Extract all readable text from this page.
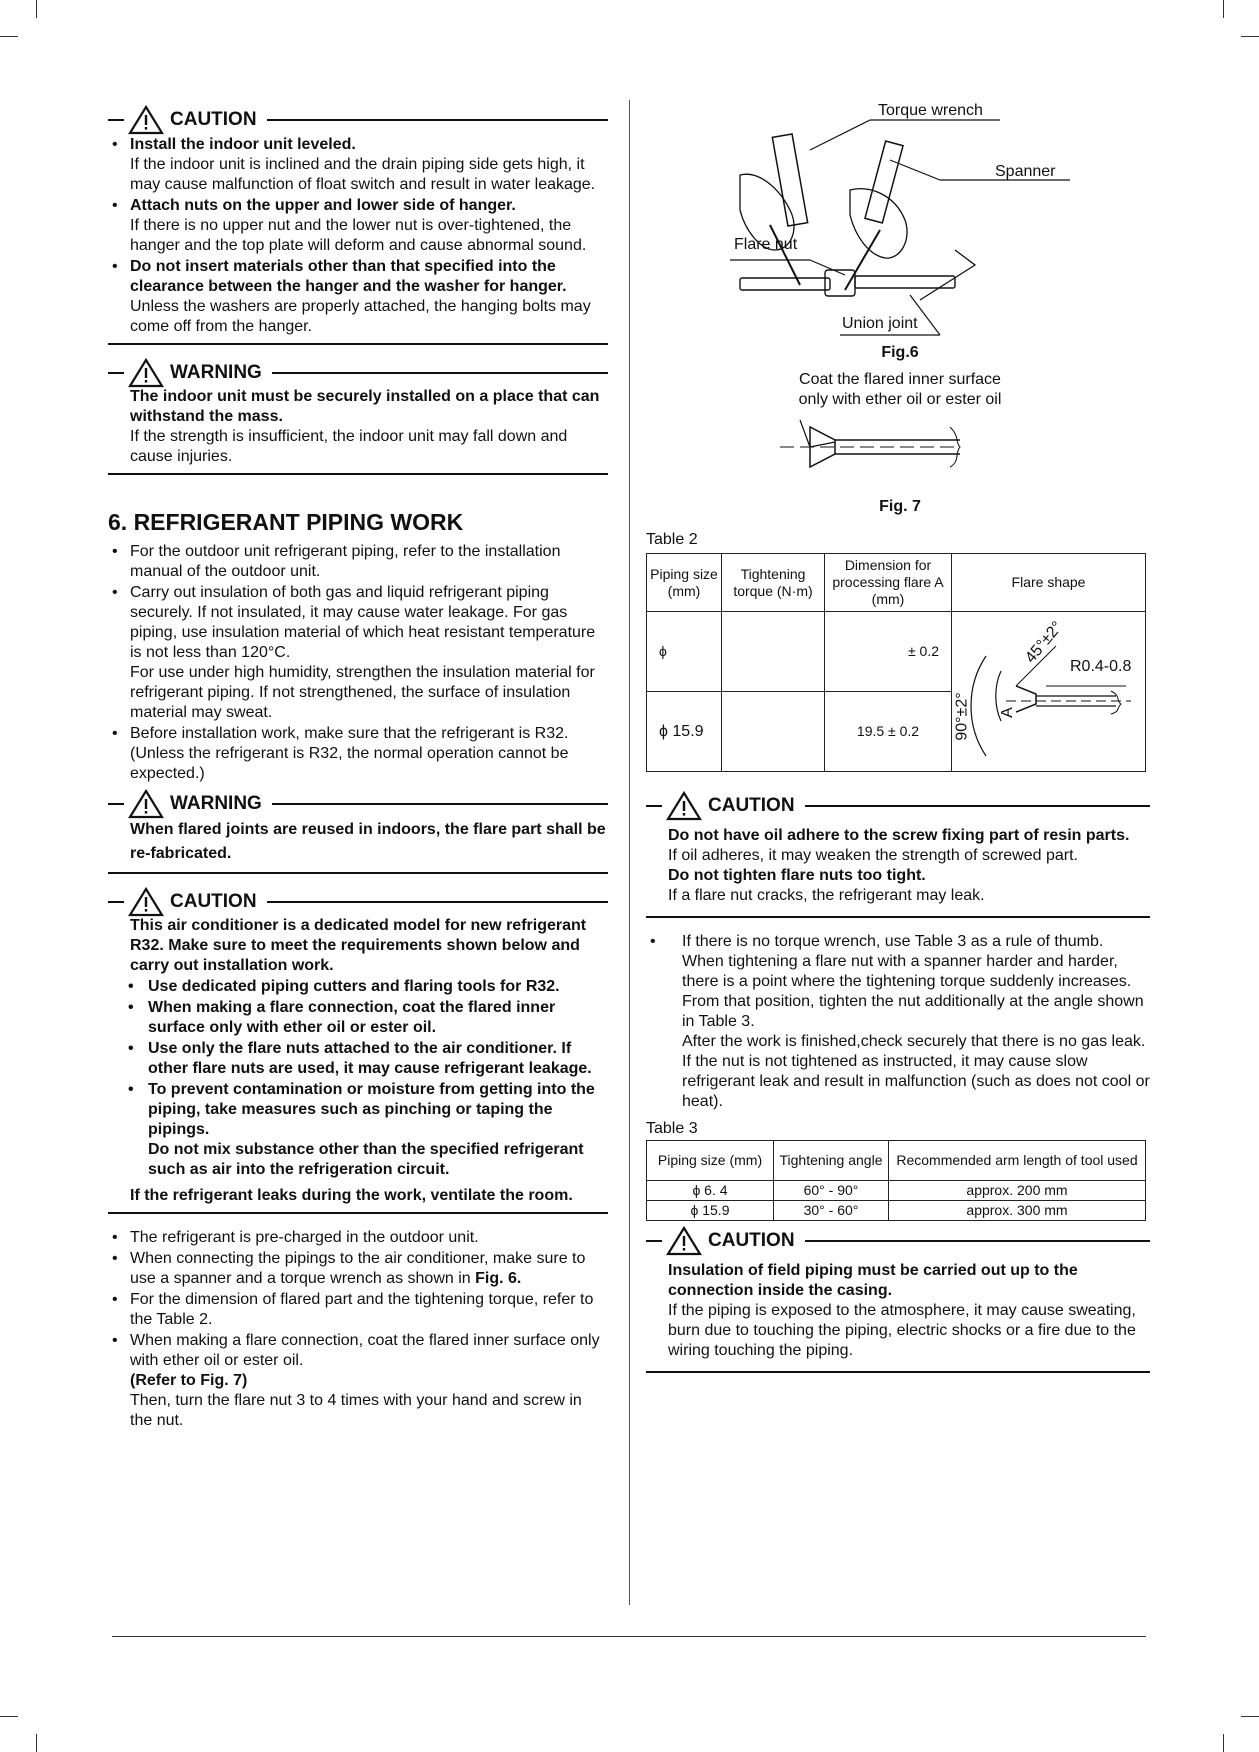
CAUTION
• Install the indoor unit leveled.
If the indoor unit is inclined and the drain piping side gets high, it may cause malfunction of float switch and result in water leakage.
• Attach nuts on the upper and lower side of hanger.
If there is no upper nut and the lower nut is over-tightened, the hanger and the top plate will deform and cause abnormal sound.
• Do not insert materials other than that specified into the clearance between the hanger and the washer for hanger.
Unless the washers are properly attached, the hanging bolts may come off from the hanger.
WARNING

The indoor unit must be securely installed on a place that can withstand the mass.

If the strength is insufficient, the indoor unit may fall down and cause injuries.

6. REFRIGERANT PIPING WORK
• For the outdoor unit refrigerant piping, refer to the installation manual of the outdoor unit.
• Carry out insulation of both gas and liquid refrigerant piping securely. If not insulated, it may cause water leakage. For gas piping, use insulation material of which heat resistant temperature is not less than 120°C.
For use under high humidity, strengthen the insulation material for refrigerant piping. If not strengthened, the surface of insulation material may sweat.
• Before installation work, make sure that the refrigerant is R32. (Unless the refrigerant is R32, the normal operation cannot be expected.)
WARNING

When flared joints are reused in indoors, the flare part shall be re-fabricated.

CAUTION

This air conditioner is a dedicated model for new refrigerant R32. Make sure to meet the requirements shown below and carry out installation work.

• Use dedicated piping cutters and flaring tools for R32.
• When making a flare connection, coat the flared inner surface only with ether oil or ester oil.
• Use only the flare nuts attached to the air conditioner. If other flare nuts are used, it may cause refrigerant leakage.
• To prevent contamination or moisture from getting into the piping, take measures such as pinching or taping the pipings.
Do not mix substance other than the specified refrigerant such as air into the refrigeration circuit.

If the refrigerant leaks during the work, ventilate the room.

• The refrigerant is pre-charged in the outdoor unit.
• When connecting the pipings to the air conditioner, make sure to use a spanner and a torque wrench as shown in Fig. 6.
• For the dimension of flared part and the tightening torque, refer to the Table 2.
• When making a flare connection, coat the flared inner surface only with ether oil or ester oil.
(Refer to Fig. 7)
Then, turn the flare nut 3 to 4 times with your hand and screw in the nut.
Torque wrench
Spanner
Flare nut
Union joint
Fig.6
Coat the flared inner surface
only with ether oil or ester oil
Fig. 7
Table 2
Piping size (mm)	Tightening torque (N·m)	Dimension for processing flare A (mm)	Flare shape
ϕ		± 0.2	45°±2°
R0.4-0.8
90°±2° A

ϕ 15.9		19.5 ± 0.2	
CAUTION

Do not have oil adhere to the screw fixing part of resin parts.

If oil adheres, it may weaken the strength of screwed part.

Do not tighten flare nuts too tight.

If a flare nut cracks, the refrigerant may leak.

• If there is no torque wrench, use Table 3 as a rule of thumb.
When tightening a flare nut with a spanner harder and harder, there is a point where the tightening torque suddenly increases.
From that position, tighten the nut additionally at the angle shown in Table 3.
After the work is finished,check securely that there is no gas leak.
If the nut is not tightened as instructed, it may cause slow refrigerant leak and result in malfunction (such as does not cool or heat).
Table 3
Piping size (mm)	Tightening angle	Recommended arm length of tool used
ϕ 6. 4	60° - 90°	approx. 200 mm
ϕ 15.9	30° - 60°	approx. 300 mm
CAUTION

Insulation of field piping must be carried out up to the connection inside the casing.

If the piping is exposed to the atmosphere, it may cause sweating, burn due to touching the piping, electric shocks or a fire due to the wiring touching the piping.
